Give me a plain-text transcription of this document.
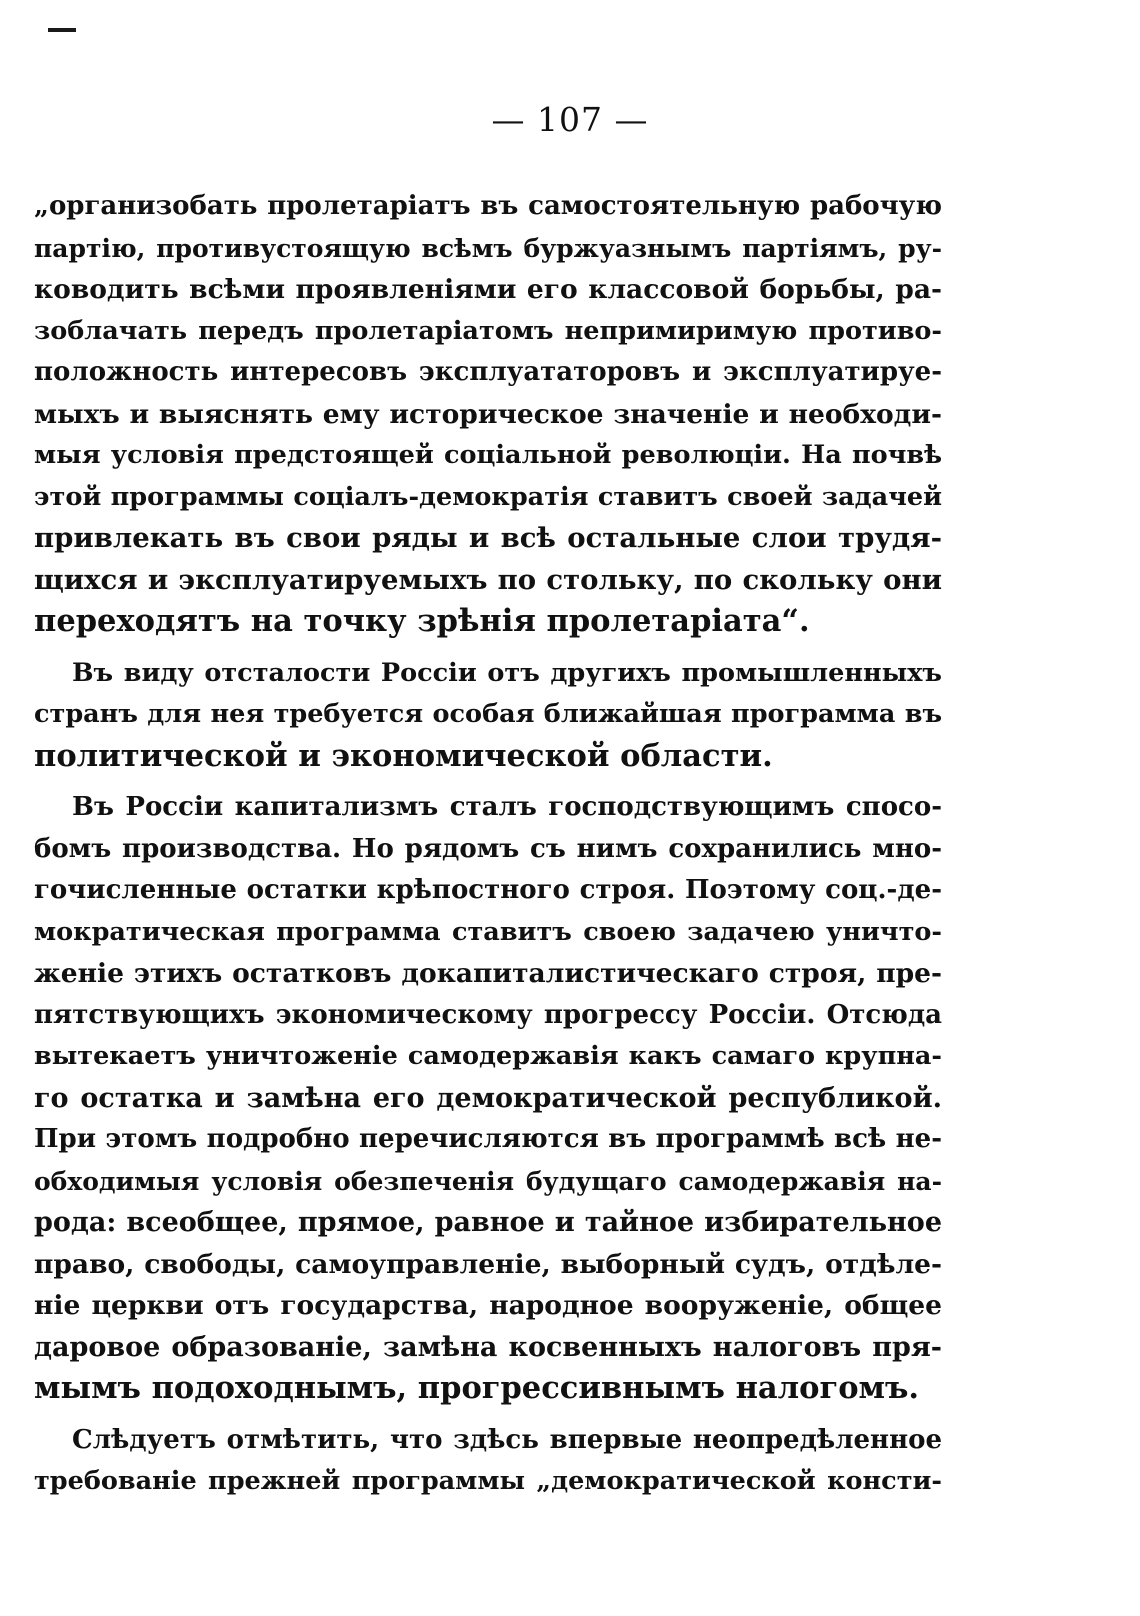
— 107 —

„организобать пролетаріатъ въ самостоятельную рабочую
партію, противустоящую всѣмъ буржуазнымъ партіямъ, ру-
ководить всѣми проявленіями его классовой борьбы, ра-
зоблачать передъ пролетаріатомъ непримиримую противо-
положность интересовъ эксплуататоровъ и эксплуатируе-
мыхъ и выяснять ему историческое значеніе и необходи-
мыя условія предстоящей соціальной революціи. На почвѣ
этой программы соціалъ-демократія ставитъ своей задачей
привлекать въ свои ряды и всѣ остальные слои трудя-
щихся и эксплуатируемыхъ по стольку, по скольку они
переходятъ на точку зрѣнія пролетаріата“.

Въ виду отсталости Россіи отъ другихъ промышленныхъ
странъ для нея требуется особая ближайшая программа въ
политической и экономической области.

Въ Россіи капитализмъ сталъ господствующимъ спосо-
бомъ производства. Но рядомъ съ нимъ сохранились мно-
гочисленные остатки крѣпостного строя. Поэтому соц.-де-
мократическая программа ставитъ своею задачею уничто-
женіе этихъ остатковъ докапиталистическаго строя, пре-
пятствующихъ экономическому прогрессу Россіи. Отсюда
вытекаетъ уничтоженіе самодержавія какъ самаго крупна-
го остатка и замѣна его демократической республикой.
При этомъ подробно перечисляются въ программѣ всѣ не-
обходимыя условія обезпеченія будущаго самодержавія на-
рода: всеобщее, прямое, равное и тайное избирательное
право, свободы, самоуправленіе, выборный судъ, отдѣле-
ніе церкви отъ государства, народное вооруженіе, общее
даровое образованіе, замѣна косвенныхъ налоговъ пря-
мымъ подоходнымъ, прогрессивнымъ налогомъ.

Слѣдуетъ отмѣтить, что здѣсь впервые неопредѣленное
требованіе прежней программы „демократической консти-
